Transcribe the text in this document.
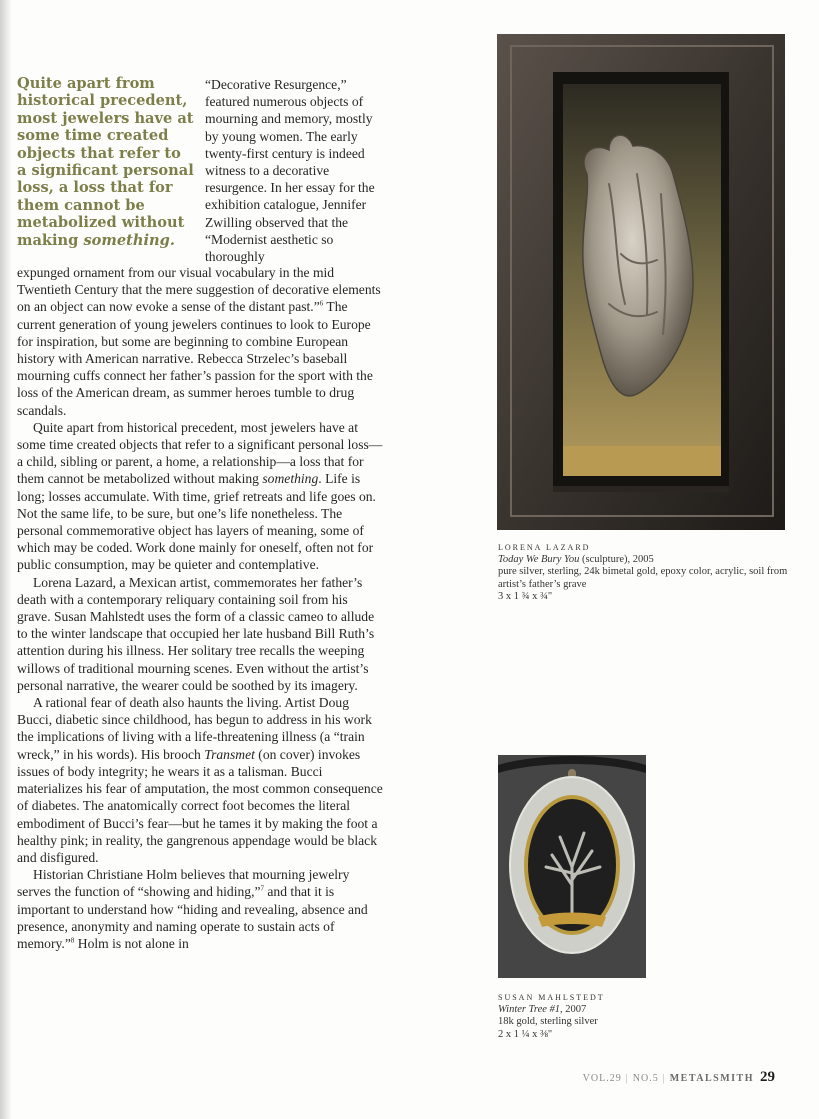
Quite apart from historical precedent, most jewelers have at some time created objects that refer to a significant personal loss, a loss that for them cannot be metabolized without making something.

“Decorative Resurgence,” featured numerous objects of mourning and memory, mostly by young women. The early twenty-first century is indeed witness to a decorative resurgence. In her essay for the exhibition catalogue, Jennifer Zwilling observed that the “Modernist aesthetic so thoroughly

expunged ornament from our visual vocabulary in the mid Twentieth Century that the mere suggestion of decorative elements on an object can now evoke a sense of the distant past.”$^6$ The current generation of young jewelers continues to look to Europe for inspiration, but some are beginning to combine European history with American narrative. Rebecca Strzelec’s baseball mourning cuffs connect her father’s passion for the sport with the loss of the American dream, as summer heroes tumble to drug scandals.

Quite apart from historical precedent, most jewelers have at some time created objects that refer to a significant personal loss—a child, sibling or parent, a home, a relationship—a loss that for them cannot be metabolized without making something. Life is long; losses accumulate. With time, grief retreats and life goes on. Not the same life, to be sure, but one’s life nonetheless. The personal commemorative object has layers of meaning, some of which may be coded. Work done mainly for oneself, often not for public consumption, may be quieter and contemplative.

Lorena Lazard, a Mexican artist, commemorates her father’s death with a contemporary reliquary containing soil from his grave. Susan Mahlstedt uses the form of a classic cameo to allude to the winter landscape that occupied her late husband Bill Ruth’s attention during his illness. Her solitary tree recalls the weeping willows of traditional mourning scenes. Even without the artist’s personal narrative, the wearer could be soothed by its imagery.

A rational fear of death also haunts the living. Artist Doug Bucci, diabetic since childhood, has begun to address in his work the implications of living with a life-threatening illness (a “train wreck,” in his words). His brooch Transmet (on cover) invokes issues of body integrity; he wears it as a talisman. Bucci materializes his fear of amputation, the most common consequence of diabetes. The anatomically correct foot becomes the literal embodiment of Bucci’s fear—but he tames it by making the foot a healthy pink; in reality, the gangrenous appendage would be black and disfigured.

Historian Christiane Holm believes that mourning jewelry serves the function of “showing and hiding,”$^7$ and that it is important to understand how “hiding and revealing, absence and presence, anonymity and naming operate to sustain acts of memory.”$^8$ Holm is not alone in

LORENA LAZARD
Today We Bury You (sculpture), 2005
pure silver, sterling, 24k bimetal gold, epoxy color, acrylic, soil from artist’s father’s grave
3 x 1 ¾ x ¾"
SUSAN MAHLSTEDT
Winter Tree #1, 2007
18k gold, sterling silver
2 x 1 ¼ x ⅜"
VOL.29 | NO.5 | METALSMITH 29
